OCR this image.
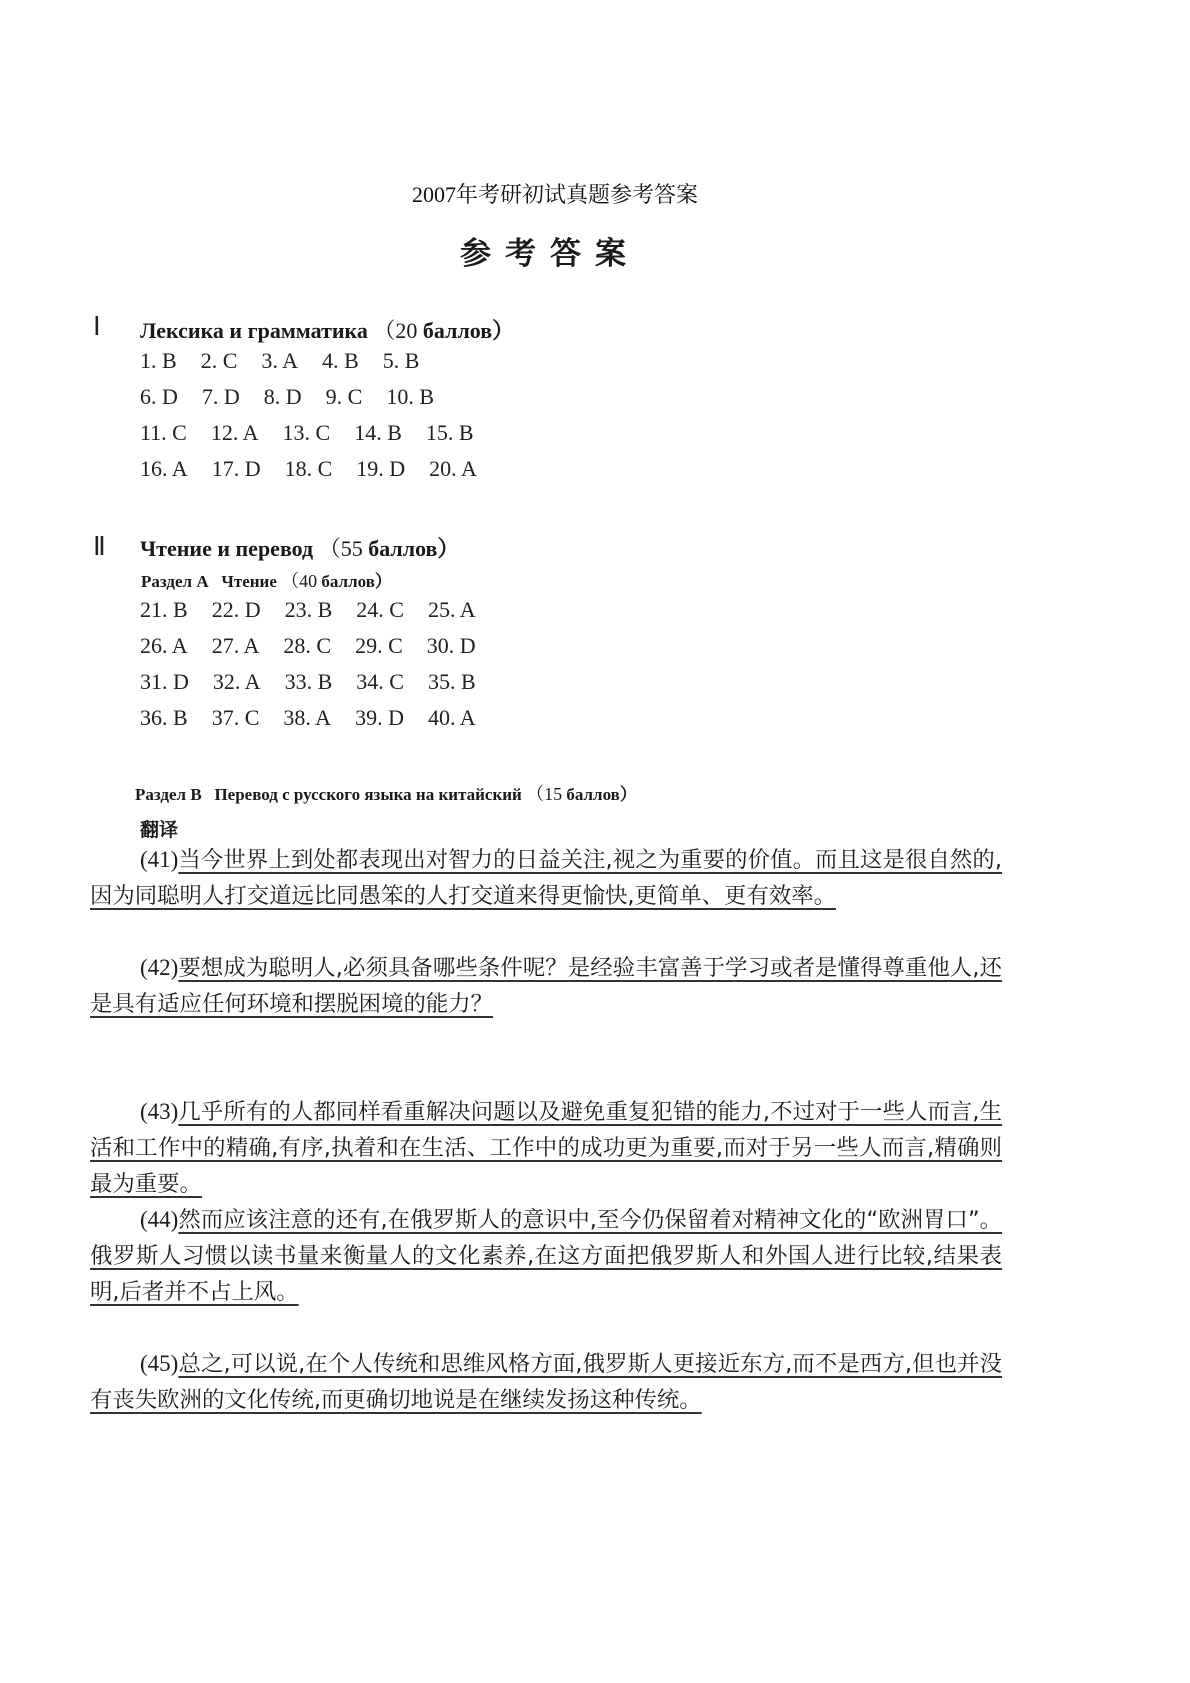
2007年考研初试真题参考答案
参考答案
Ⅰ Лексика и грамматика （20 баллов）
1. B 2. C 3. A 4. B 5. B
6. D 7. D 8. D 9. C 10. B
11. C 12. A 13. C 14. B 15. B
16. A 17. D 18. C 19. D 20. A
Ⅱ Чтение и перевод （55 баллов）
Раздел А Чтение （40 баллов）
21. B 22. D 23. B 24. C 25. A
26. A 27. A 28. C 29. C 30. D
31. D 32. A 33. B 34. C 35. B
36. B 37. C 38. A 39. D 40. A
Раздел В Перевод с русского языка на китайский （15 баллов）
翻译
(41)当今世界上到处都表现出对智力的日益关注,视之为重要的价值。而且这是很自然的,因为同聪明人打交道远比同愚笨的人打交道来得更愉快,更简单、更有效率。
(42)要想成为聪明人,必须具备哪些条件呢？是经验丰富善于学习或者是懂得尊重他人,还是具有适应任何环境和摆脱困境的能力？
(43)几乎所有的人都同样看重解决问题以及避免重复犯错的能力,不过对于一些人而言,生活和工作中的精确,有序,执着和在生活、工作中的成功更为重要,而对于另一些人而言,精确则最为重要。
(44)然而应该注意的还有,在俄罗斯人的意识中,至今仍保留着对精神文化的“欧洲胃口”。俄罗斯人习惯以读书量来衡量人的文化素养,在这方面把俄罗斯人和外国人进行比较,结果表明,后者并不占上风。
(45)总之,可以说,在个人传统和思维风格方面,俄罗斯人更接近东方,而不是西方,但也并没有丧失欧洲的文化传统,而更确切地说是在继续发扬这种传统。
